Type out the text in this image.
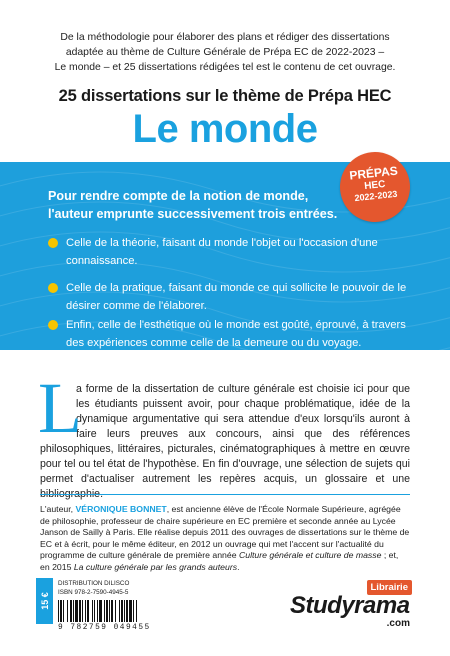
De la méthodologie pour élaborer des plans et rédiger des dissertations
adaptée au thème de Culture Générale de Prépa EC de 2022-2023 –
Le monde – et 25 dissertations rédigées tel est le contenu de cet ouvrage.
25 dissertations sur le thème de Prépa HEC
Le monde
Pour rendre compte de la notion de monde,
l'auteur emprunte successivement trois entrées.
Celle de la théorie, faisant du monde l'objet ou l'occasion d'une connaissance.
Celle de la pratique, faisant du monde ce qui sollicite le pouvoir de le désirer comme de l'élaborer.
Enfin, celle de l'esthétique où le monde est goûté, éprouvé, à travers des expériences comme celle de la demeure ou du voyage.
PRÉPAS
HEC
2022-2023
L
a forme de la dissertation de culture générale est choisie ici pour que les étudiants puissent avoir, pour chaque problématique, idée de la dynamique argumentative qui sera attendue d'eux lorsqu'ils auront à faire leurs preuves aux concours, ainsi que des références philosophiques, littéraires, picturales, cinématographiques à mettre en œuvre pour tel ou tel état de l'hypothèse. En fin d'ouvrage, une sélection de sujets qui permet d'actualiser autrement les repères acquis, un glossaire et une bibliographie.
L'auteur, VÉRONIQUE BONNET, est ancienne élève de l'École Normale Supérieure, agrégée de philosophie, professeur de chaire supérieure en EC première et seconde année au Lycée Janson de Sailly à Paris. Elle réalise depuis 2011 des ouvrages de dissertations sur le thème de EC et à écrit, pour le même éditeur, en 2012 un ouvrage qui met l'accent sur l'actualité du programme de culture générale de première année Culture générale et culture de masse ; et, en 2015 La culture générale par les grands auteurs.
15 €
DISTRIBUTION DILISCO
ISBN 978-2-7590-4945-5
9 782759 049455
Librairie
Studyrama
.com
